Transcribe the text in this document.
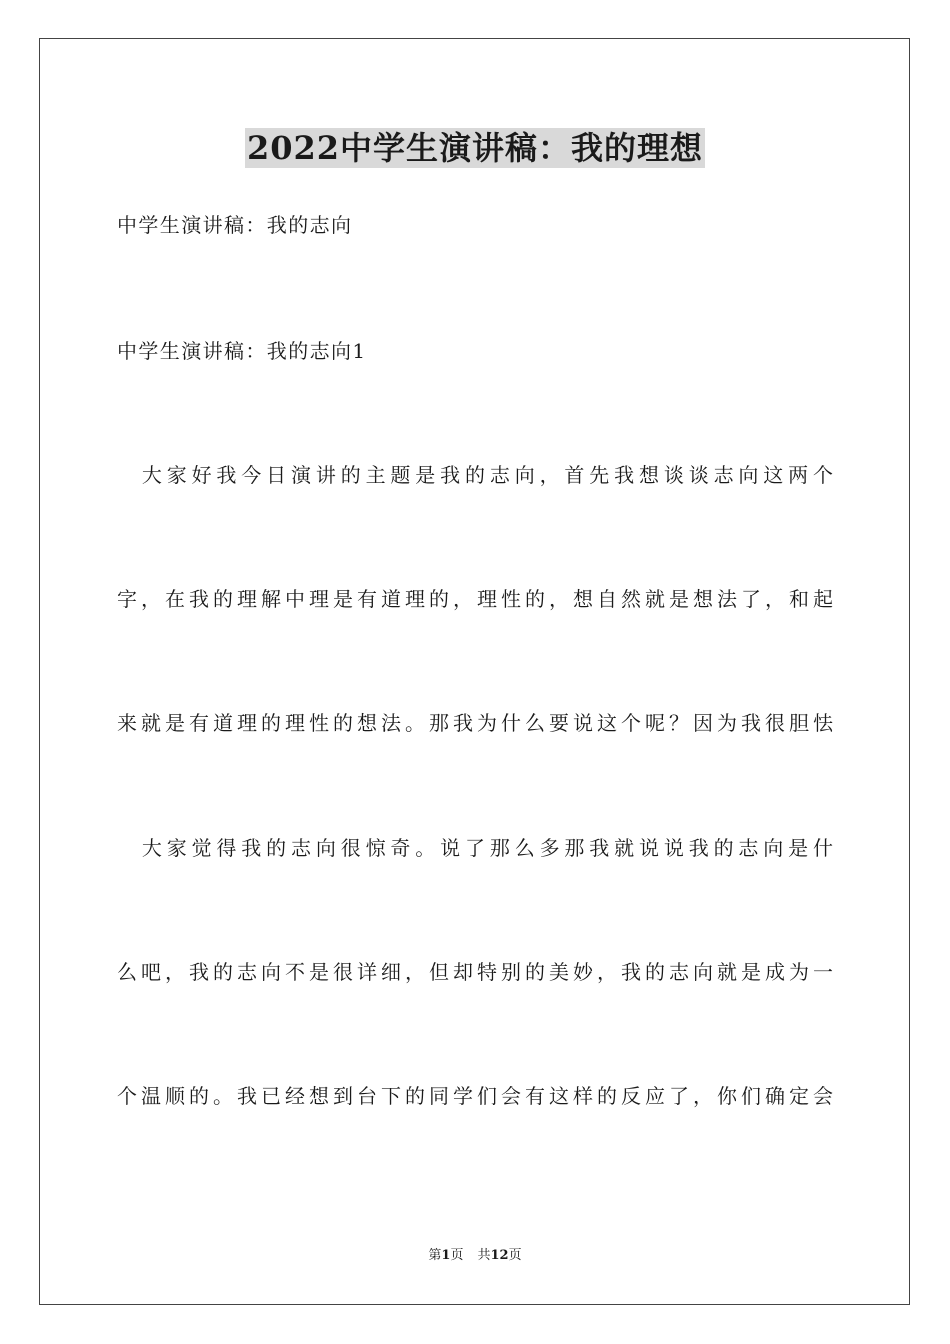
2022中学生演讲稿：我的理想
中学生演讲稿：我的志向
中学生演讲稿：我的志向1
　大家好我今日演讲的主题是我的志向，首先我想谈谈志向这两个
字，在我的理解中理是有道理的，理性的，想自然就是想法了，和起
来就是有道理的理性的想法。那我为什么要说这个呢？因为我很胆怯
　大家觉得我的志向很惊奇。说了那么多那我就说说我的志向是什
么吧，我的志向不是很详细，但却特别的美妙，我的志向就是成为一
个温顺的。我已经想到台下的同学们会有这样的反应了，你们确定会
第1页 共12页
